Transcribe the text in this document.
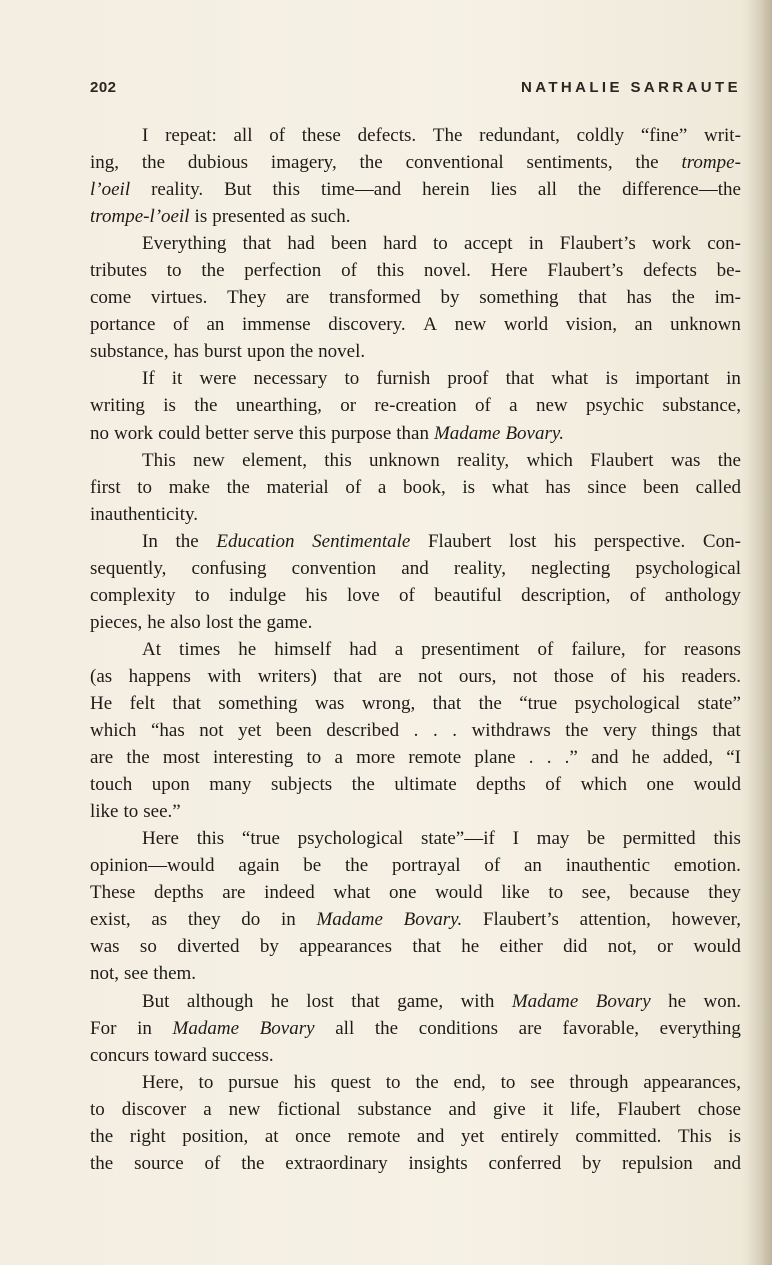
202	NATHALIE SARRAUTE
I repeat: all of these defects. The redundant, coldly “fine” writ-
ing, the dubious imagery, the conventional sentiments, the trompe-
l’oeil reality. But this time—and herein lies all the difference—the
trompe-l’oeil is presented as such.
Everything that had been hard to accept in Flaubert’s work con-
tributes to the perfection of this novel. Here Flaubert’s defects be-
come virtues. They are transformed by something that has the im-
portance of an immense discovery. A new world vision, an unknown
substance, has burst upon the novel.
If it were necessary to furnish proof that what is important in
writing is the unearthing, or re-creation of a new psychic substance,
no work could better serve this purpose than Madame Bovary.
This new element, this unknown reality, which Flaubert was the
first to make the material of a book, is what has since been called
inauthenticity.
In the Education Sentimentale Flaubert lost his perspective. Con-
sequently, confusing convention and reality, neglecting psychological
complexity to indulge his love of beautiful description, of anthology
pieces, he also lost the game.
At times he himself had a presentiment of failure, for reasons
(as happens with writers) that are not ours, not those of his readers.
He felt that something was wrong, that the “true psychological state”
which “has not yet been described . . . withdraws the very things that
are the most interesting to a more remote plane . . .” and he added, “I
touch upon many subjects the ultimate depths of which one would
like to see.”
Here this “true psychological state”—if I may be permitted this
opinion—would again be the portrayal of an inauthentic emotion.
These depths are indeed what one would like to see, because they
exist, as they do in Madame Bovary. Flaubert’s attention, however,
was so diverted by appearances that he either did not, or would
not, see them.
But although he lost that game, with Madame Bovary he won.
For in Madame Bovary all the conditions are favorable, everything
concurs toward success.
Here, to pursue his quest to the end, to see through appearances,
to discover a new fictional substance and give it life, Flaubert chose
the right position, at once remote and yet entirely committed. This is
the source of the extraordinary insights conferred by repulsion and
